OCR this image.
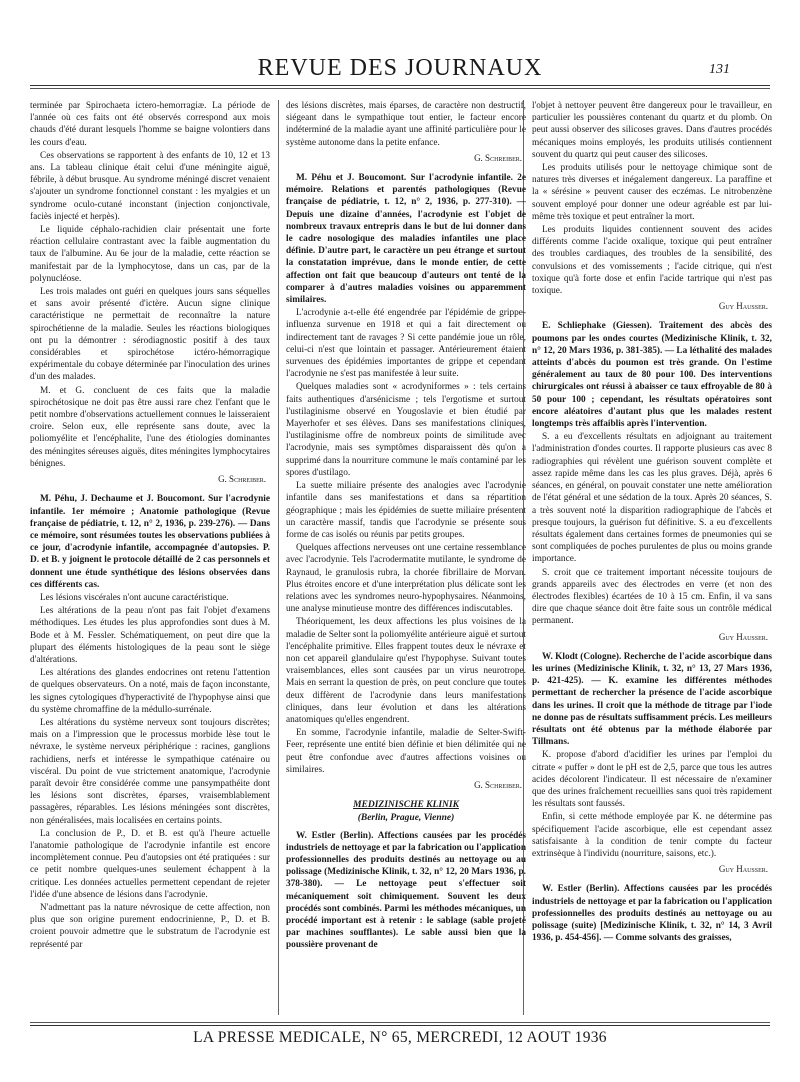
REVUE DES JOURNAUX	131

terminée par Spirochaeta ictero-hemorragiæ. La période de l'année où ces faits ont été observés correspond aux mois chauds d'été durant lesquels l'homme se baigne volontiers dans les cours d'eau.

Ces observations se rapportent à des enfants de 10, 12 et 13 ans. La tableau clinique était celui d'une méningite aiguë, fébrile, à début brusque. Au syndrome méningé discret venaient s'ajouter un syndrome fonctionnel constant : les myalgies et un syndrome oculo-cutané inconstant (injection conjonctivale, faciès injecté et herpès).

Le liquide céphalo-rachidien clair présentait une forte réaction cellulaire contrastant avec la faible augmentation du taux de l'albumine. Au 6e jour de la maladie, cette réaction se manifestait par de la lymphocytose, dans un cas, par de la polynucléose.

Les trois malades ont guéri en quelques jours sans séquelles et sans avoir présenté d'ictère. Aucun signe clinique caractéristique ne permettait de reconnaître la nature spirochétienne de la maladie. Seules les réactions biologiques ont pu la démontrer : sérodiagnostic positif à des taux considérables et spirochétose ictéro-hémorragique expérimentale du cobaye déterminée par l'inoculation des urines d'un des malades.

M. et G. concluent de ces faits que la maladie spirochétosique ne doit pas être aussi rare chez l'enfant que le petit nombre d'observations actuellement connues le laisseraient croire. Selon eux, elle représente sans doute, avec la poliomyélite et l'encéphalite, l'une des étiologies dominantes des méningites séreuses aiguës, dites méningites lymphocytaires bénignes.

G. Schreiber.

M. Péhu, J. Dechaume et J. Boucomont. Sur l'acrodynie infantile. 1er mémoire ; Anatomie pathologique (Revue française de pédiatrie, t. 12, n° 2, 1936, p. 239-276). — Dans ce mémoire, sont résumées toutes les observations publiées à ce jour, d'acrodynie infantile, accompagnée d'autopsies. P. D. et B. y joignent le protocole détaillé de 2 cas personnels et donnent une étude synthétique des lésions observées dans ces différents cas.

Les lésions viscérales n'ont aucune caractéristique.

Les altérations de la peau n'ont pas fait l'objet d'examens méthodiques. Les études les plus approfondies sont dues à M. Bode et à M. Fessler. Schématiquement, on peut dire que la plupart des éléments histologiques de la peau sont le siège d'altérations.

Les altérations des glandes endocrines ont retenu l'attention de quelques observateurs. On a noté, mais de façon inconstante, les signes cytologiques d'hyperactivité de l'hypophyse ainsi que du système chromaffine de la médullo-surrénale.

Les altérations du système nerveux sont toujours discrètes; mais on a l'impression que le processus morbide lèse tout le névraxe, le système nerveux périphérique : racines, ganglions rachidiens, nerfs et intéresse le sympathique caténaire ou viscéral. Du point de vue strictement anatomique, l'acrodynie paraît devoir être considérée comme une pansympathéite dont les lésions sont discrètes, éparses, vraisemblablement passagères, réparables. Les lésions méningées sont discrètes, non généralisées, mais localisées en certains points.

La conclusion de P., D. et B. est qu'à l'heure actuelle l'anatomie pathologique de l'acrodynie infantile est encore incomplètement connue. Peu d'autopsies ont été pratiquées : sur ce petit nombre quelques-unes seulement échappent à la critique. Les données actuelles permettent cependant de rejeter l'idée d'une absence de lésions dans l'acrodynie.

N'admettant pas la nature névrosique de cette affection, non plus que son origine purement endocrinienne, P., D. et B. croient pouvoir admettre que le substratum de l'acrodynie est représenté par

des lésions discrètes, mais éparses, de caractère non destructif, siégeant dans le sympathique tout entier, le facteur encore indéterminé de la maladie ayant une affinité particulière pour le système autonome dans la petite enfance.

G. Schreiber.

M. Péhu et J. Boucomont. Sur l'acrodynie infantile. 2e mémoire. Relations et parentés pathologiques (Revue française de pédiatrie, t. 12, n° 2, 1936, p. 277-310). — Depuis une dizaine d'années, l'acrodynie est l'objet de nombreux travaux entrepris dans le but de lui donner dans le cadre nosologique des maladies infantiles une place définie. D'autre part, le caractère un peu étrange et surtout la constatation imprévue, dans le monde entier, de cette affection ont fait que beaucoup d'auteurs ont tenté de la comparer à d'autres maladies voisines ou apparemment similaires.

L'acrodynie a-t-elle été engendrée par l'épidémie de grippe-influenza survenue en 1918 et qui a fait directement ou indirectement tant de ravages ? Si cette pandémie joue un rôle, celui-ci n'est que lointain et passager. Antérieurement étaient survenues des épidémies importantes de grippe et cependant l'acrodynie ne s'est pas manifestée à leur suite.

Quelques maladies sont « acrodyniformes » : tels certains faits authentiques d'arsénicisme ; tels l'ergotisme et surtout l'ustilaginisme observé en Yougoslavie et bien étudié par Mayerhofer et ses élèves. Dans ses manifestations cliniques, l'ustilaginisme offre de nombreux points de similitude avec l'acrodynie, mais ses symptômes disparaissent dès qu'on a supprimé dans la nourriture commune le maïs contaminé par les spores d'ustilago.

La suette miliaire présente des analogies avec l'acrodynie infantile dans ses manifestations et dans sa répartition géographique ; mais les épidémies de suette miliaire présentent un caractère massif, tandis que l'acrodynie se présente sous forme de cas isolés ou réunis par petits groupes.

Quelques affections nerveuses ont une certaine ressemblance avec l'acrodynie. Tels l'acrodermatite mutilante, le syndrome de Raynaud, le granulosis rubra, la chorée fibrillaire de Morvan. Plus étroites encore et d'une interprétation plus délicate sont les relations avec les syndromes neuro-hypophysaires. Néanmoins, une analyse minutieuse montre des différences indiscutables.

Théoriquement, les deux affections les plus voisines de la maladie de Selter sont la poliomyélite antérieure aiguë et surtout l'encéphalite primitive. Elles frappent toutes deux le névraxe et non cet appareil glandulaire qu'est l'hypophyse. Suivant toutes vraisemblances, elles sont causées par un virus neurotrope. Mais en serrant la question de près, on peut conclure que toutes deux diffèrent de l'acrodynie dans leurs manifestations cliniques, dans leur évolution et dans les altérations anatomiques qu'elles engendrent.

En somme, l'acrodynie infantile, maladie de Selter-Swift-Feer, représente une entité bien définie et bien délimitée qui ne peut être confondue avec d'autres affections voisines ou similaires.

G. Schreiber.
MEDIZINISCHE KLINIK
(Berlin, Prague, Vienne)

W. Estler (Berlin). Affections causées par les procédés industriels de nettoyage et par la fabrication ou l'application professionnelles des produits destinés au nettoyage ou au polissage (Medizinische Klinik, t. 32, n° 12, 20 Mars 1936, p. 378-380). — Le nettoyage peut s'effectuer soit mécaniquement soit chimiquement. Souvent les deux procédés sont combinés. Parmi les méthodes mécaniques, un procédé important est à retenir : le sablage (sable projeté par machines soufflantes). Le sable aussi bien que la poussière provenant de

l'objet à nettoyer peuvent être dangereux pour le travailleur, en particulier les poussières contenant du quartz et du plomb. On peut aussi observer des silicoses graves. Dans d'autres procédés mécaniques moins employés, les produits utilisés contiennent souvent du quartz qui peut causer des silicoses.

Les produits utilisés pour le nettoyage chimique sont de natures très diverses et inégalement dangereux. La paraffine et la « sérésine » peuvent causer des eczémas. Le nitrobenzène souvent employé pour donner une odeur agréable est par lui-même très toxique et peut entraîner la mort.

Les produits liquides contiennent souvent des acides différents comme l'acide oxalique, toxique qui peut entraîner des troubles cardiaques, des troubles de la sensibilité, des convulsions et des vomissements ; l'acide citrique, qui n'est toxique qu'à forte dose et enfin l'acide tartrique qui n'est pas toxique.

Guy Hausser.

E. Schliephake (Giessen). Traitement des abcès des poumons par les ondes courtes (Medizinische Klinik, t. 32, n° 12, 20 Mars 1936, p. 381-385). — La léthalité des malades atteints d'abcès du poumon est très grande. On l'estime généralement au taux de 80 pour 100. Des interventions chirurgicales ont réussi à abaisser ce taux effroyable de 80 à 50 pour 100 ; cependant, les résultats opératoires sont encore aléatoires d'autant plus que les malades restent longtemps très affaiblis après l'intervention.

S. a eu d'excellents résultats en adjoignant au traitement l'administration d'ondes courtes. Il rapporte plusieurs cas avec 8 radiographies qui révèlent une guérison souvent complète et assez rapide même dans les cas les plus graves. Déjà, après 6 séances, en général, on pouvait constater une nette amélioration de l'état général et une sédation de la toux. Après 20 séances, S. a très souvent noté la disparition radiographique de l'abcès et presque toujours, la guérison fut définitive. S. a eu d'excellents résultats également dans certaines formes de pneumonies qui se sont compliquées de poches purulentes de plus ou moins grande importance.

S. croit que ce traitement important nécessite toujours de grands appareils avec des électrodes en verre (et non des électrodes flexibles) écartées de 10 à 15 cm. Enfin, il va sans dire que chaque séance doit être faite sous un contrôle médical permanent.

Guy Hausser.

W. Klodt (Cologne). Recherche de l'acide ascorbique dans les urines (Medizinische Klinik, t. 32, n° 13, 27 Mars 1936, p. 421-425). — K. examine les différentes méthodes permettant de rechercher la présence de l'acide ascorbique dans les urines. Il croit que la méthode de titrage par l'iode ne donne pas de résultats suffisamment précis. Les meilleurs résultats ont été obtenus par la méthode élaborée par Tillmans.

K. propose d'abord d'acidifier les urines par l'emploi du citrate « puffer » dont le pH est de 2,5, parce que tous les autres acides décolorent l'indicateur. Il est nécessaire de n'examiner que des urines fraîchement recueillies sans quoi très rapidement les résultats sont faussés.

Enfin, si cette méthode employée par K. ne détermine pas spécifiquement l'acide ascorbique, elle est cependant assez satisfaisante à la condition de tenir compte du facteur extrinsèque à l'individu (nourriture, saisons, etc.).

Guy Hausser.

W. Estler (Berlin). Affections causées par les procédés industriels de nettoyage et par la fabrication ou l'application professionnelles des produits destinés au nettoyage ou au polissage (suite) [Medizinische Klinik, t. 32, n° 14, 3 Avril 1936, p. 454-456]. — Comme solvants des graisses,

LA PRESSE MEDICALE, N° 65, MERCREDI, 12 AOUT 1936
